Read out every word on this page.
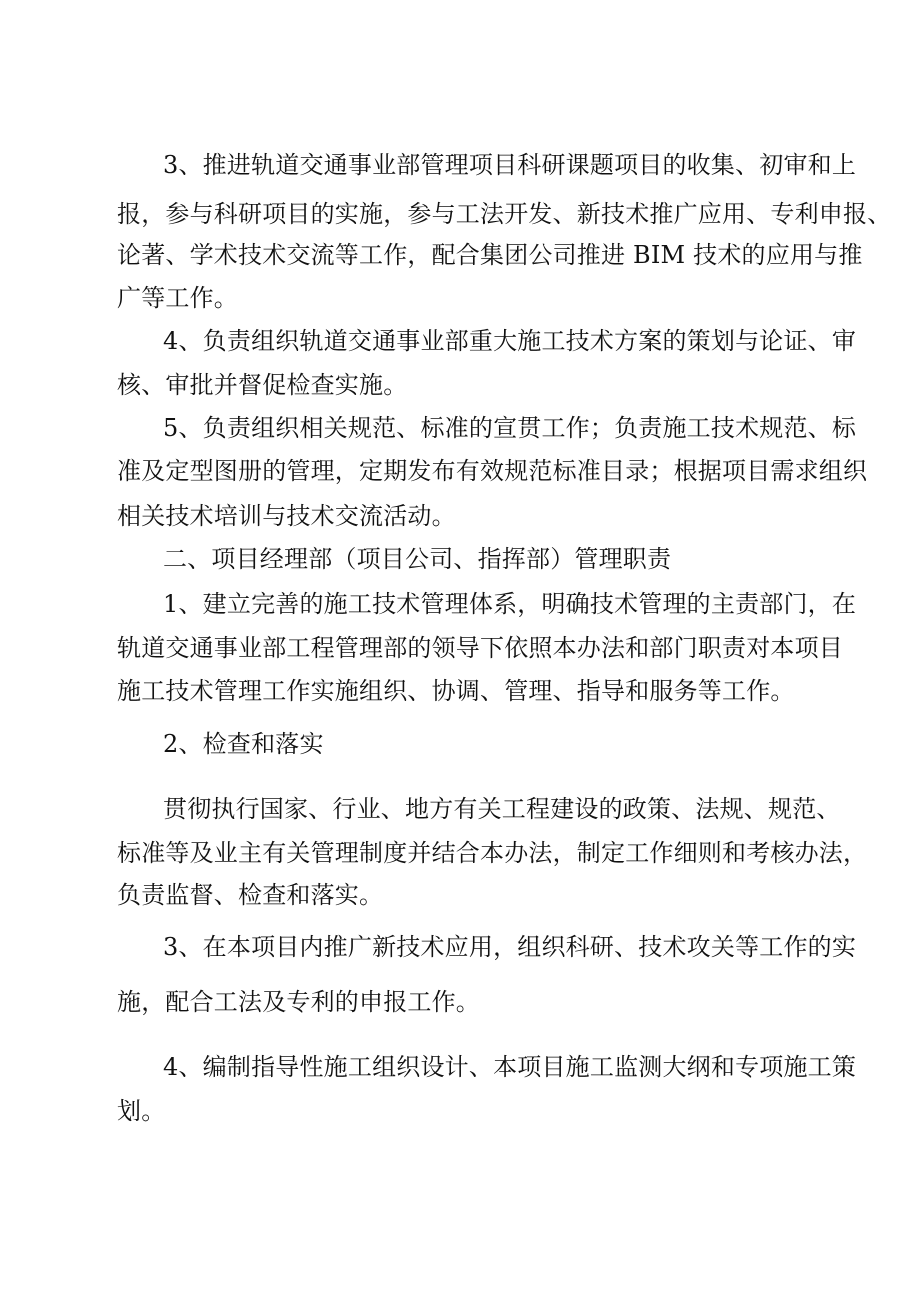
3、推进轨道交通事业部管理项目科研课题项目的收集、初审和上
报，参与科研项目的实施，参与工法开发、新技术推广应用、专利申报、
论著、学术技术交流等工作，配合集团公司推进 BIM 技术的应用与推
广等工作。
4、负责组织轨道交通事业部重大施工技术方案的策划与论证、审
核、审批并督促检查实施。
5、负责组织相关规范、标准的宣贯工作；负责施工技术规范、标
准及定型图册的管理，定期发布有效规范标准目录；根据项目需求组织
相关技术培训与技术交流活动。
二、项目经理部（项目公司、指挥部）管理职责
1、建立完善的施工技术管理体系，明确技术管理的主责部门，在
轨道交通事业部工程管理部的领导下依照本办法和部门职责对本项目
施工技术管理工作实施组织、协调、管理、指导和服务等工作。
2、检查和落实
贯彻执行国家、行业、地方有关工程建设的政策、法规、规范、
标准等及业主有关管理制度并结合本办法，制定工作细则和考核办法，
负责监督、检查和落实。
3、在本项目内推广新技术应用，组织科研、技术攻关等工作的实
施，配合工法及专利的申报工作。
4、编制指导性施工组织设计、本项目施工监测大纲和专项施工策
划。
